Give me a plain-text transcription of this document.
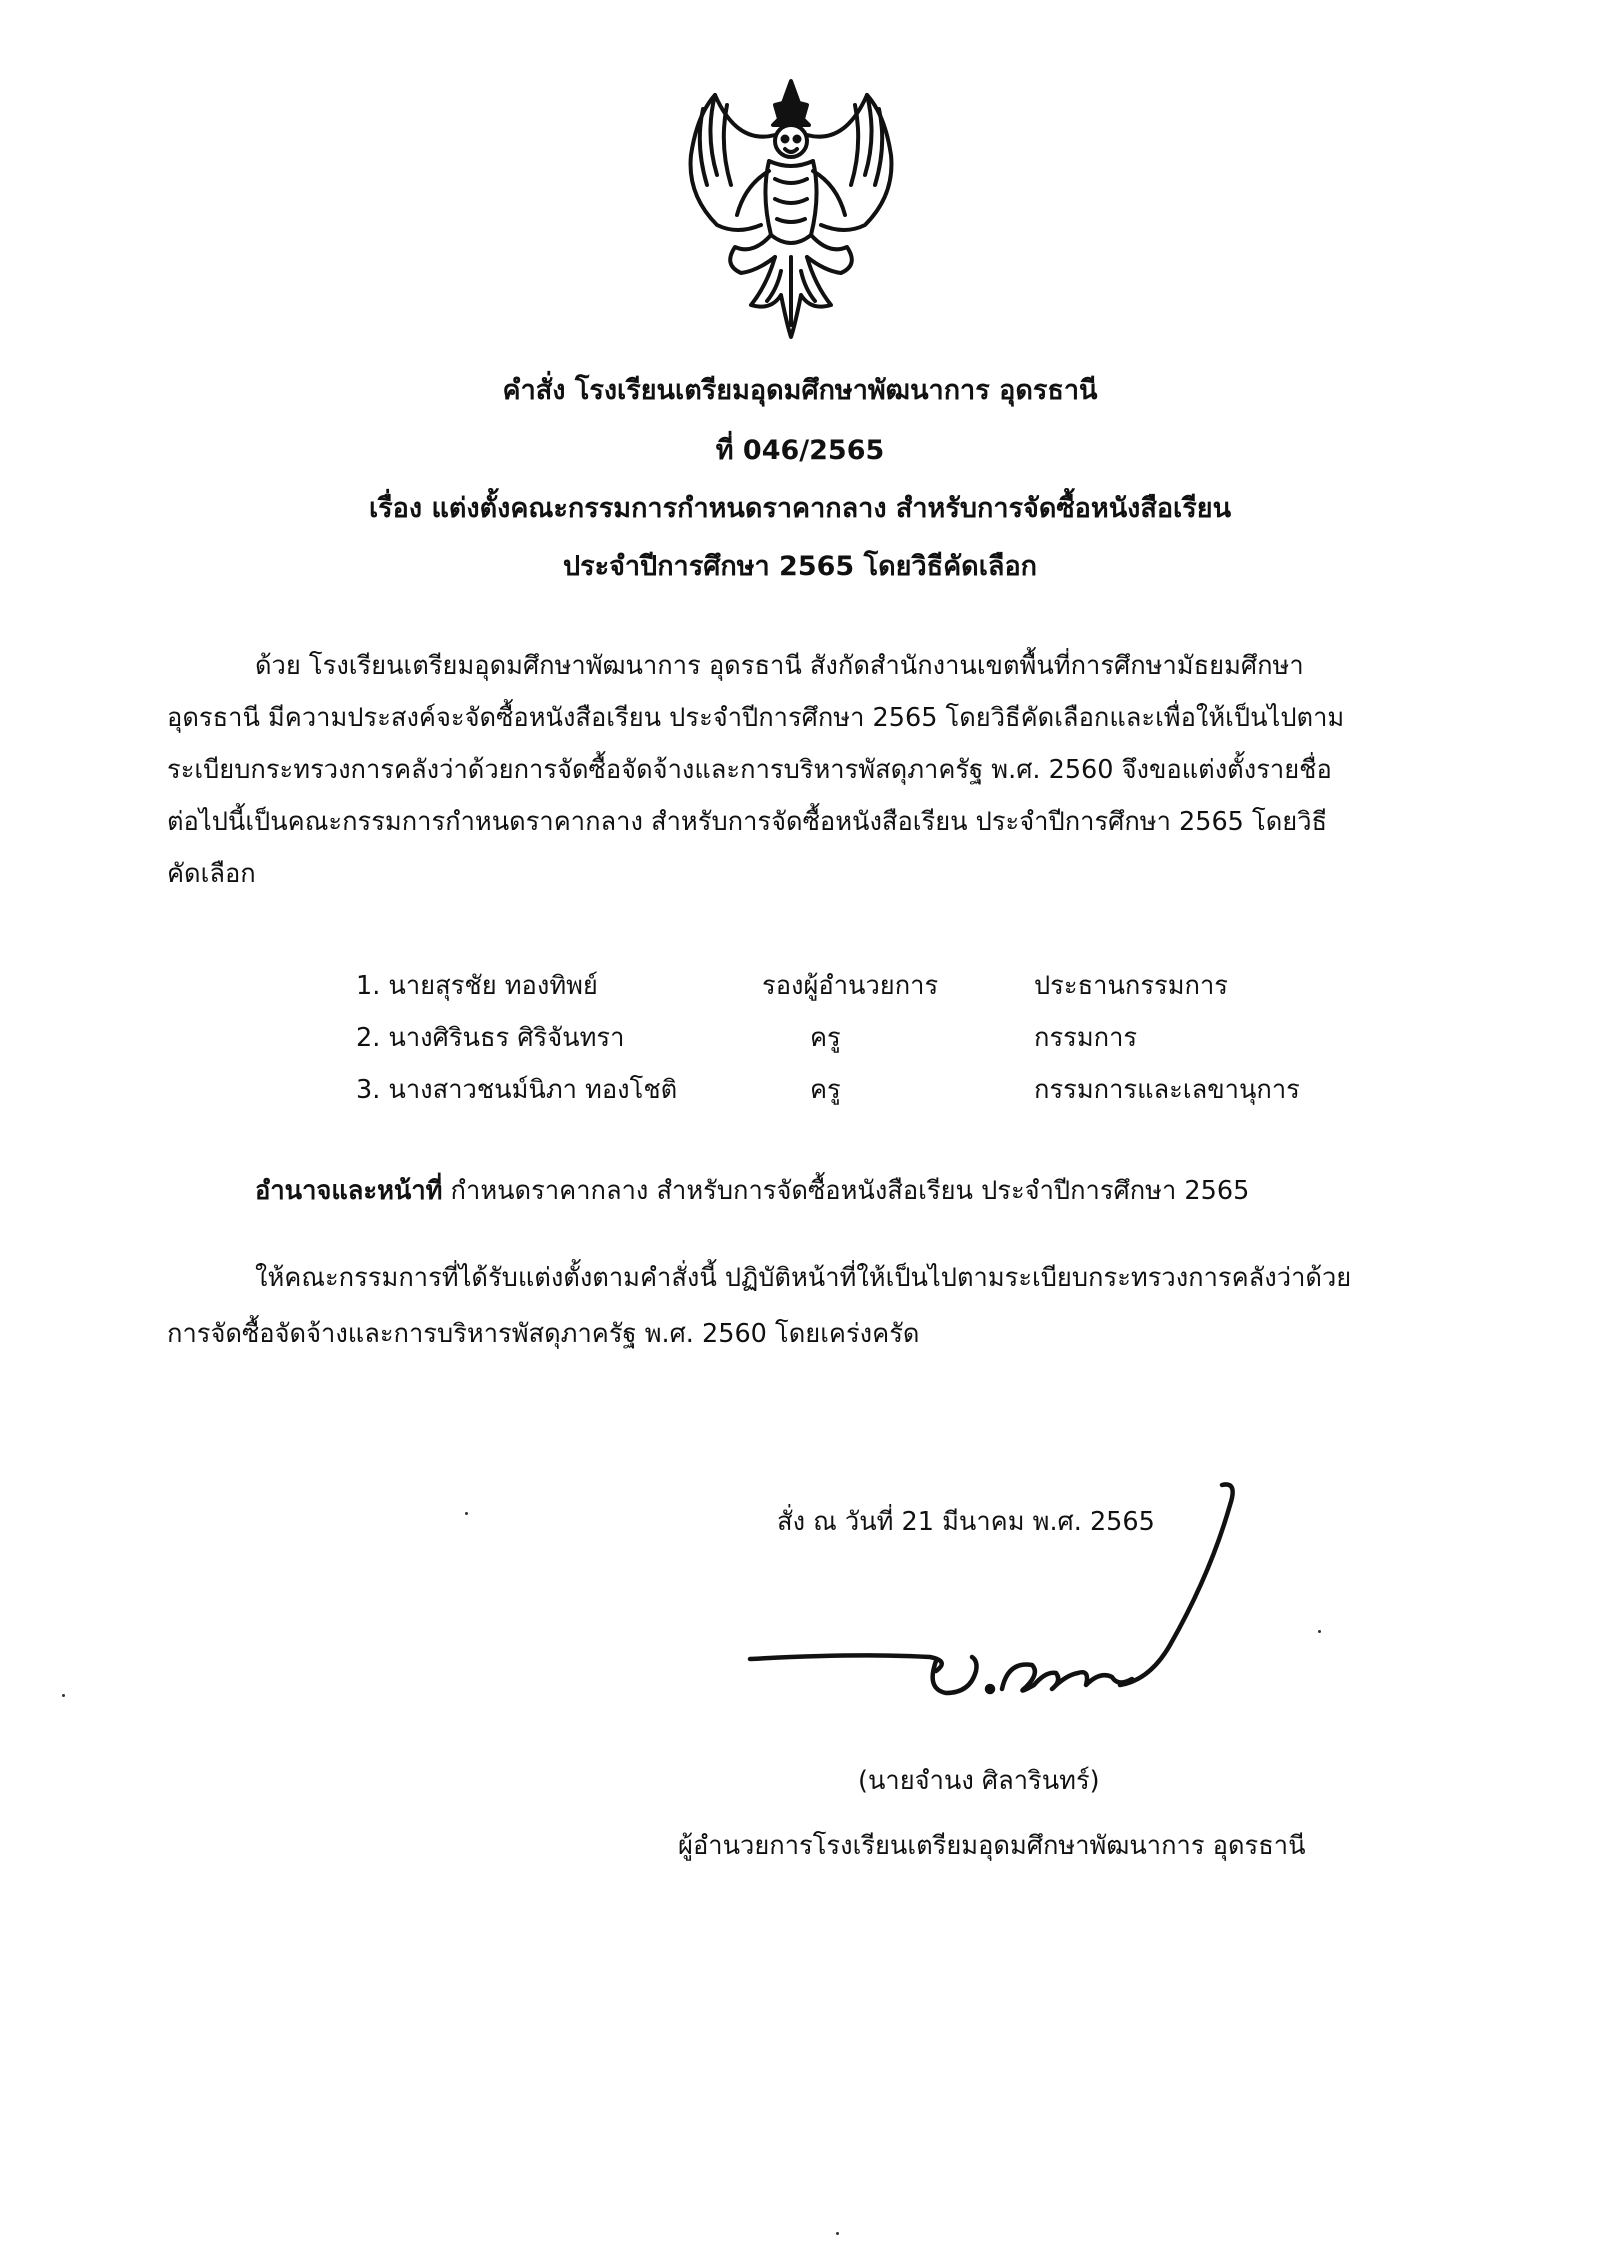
คำสั่ง โรงเรียนเตรียมอุดมศึกษาพัฒนาการ อุดรธานี
ที่ 046/2565
เรื่อง แต่งตั้งคณะกรรมการกำหนดราคากลาง สำหรับการจัดซื้อหนังสือเรียน
ประจำปีการศึกษา 2565 โดยวิธีคัดเลือก
ด้วย โรงเรียนเตรียมอุดมศึกษาพัฒนาการ อุดรธานี สังกัดสำนักงานเขตพื้นที่การศึกษามัธยมศึกษา
อุดรธานี มีความประสงค์จะจัดซื้อหนังสือเรียน ประจำปีการศึกษา 2565 โดยวิธีคัดเลือกและเพื่อให้เป็นไปตาม
ระเบียบกระทรวงการคลังว่าด้วยการจัดซื้อจัดจ้างและการบริหารพัสดุภาครัฐ พ.ศ. 2560 จึงขอแต่งตั้งรายชื่อ
ต่อไปนี้เป็นคณะกรรมการกำหนดราคากลาง สำหรับการจัดซื้อหนังสือเรียน ประจำปีการศึกษา 2565 โดยวิธี
คัดเลือก
1. นายสุรชัย ทองทิพย์	รองผู้อำนวยการ	ประธานกรรมการ
2. นางศิรินธร ศิริจันทรา	ครู	กรรมการ
3. นางสาวชนม์นิภา ทองโชติ	ครู	กรรมการและเลขานุการ
อำนาจและหน้าที่ กำหนดราคากลาง สำหรับการจัดซื้อหนังสือเรียน ประจำปีการศึกษา 2565
ให้คณะกรรมการที่ได้รับแต่งตั้งตามคำสั่งนี้ ปฏิบัติหน้าที่ให้เป็นไปตามระเบียบกระทรวงการคลังว่าด้วย
การจัดซื้อจัดจ้างและการบริหารพัสดุภาครัฐ พ.ศ. 2560 โดยเคร่งครัด
สั่ง ณ วันที่ 21 มีนาคม พ.ศ. 2565
(นายจำนง ศิลารินทร์)
ผู้อำนวยการโรงเรียนเตรียมอุดมศึกษาพัฒนาการ อุดรธานี
